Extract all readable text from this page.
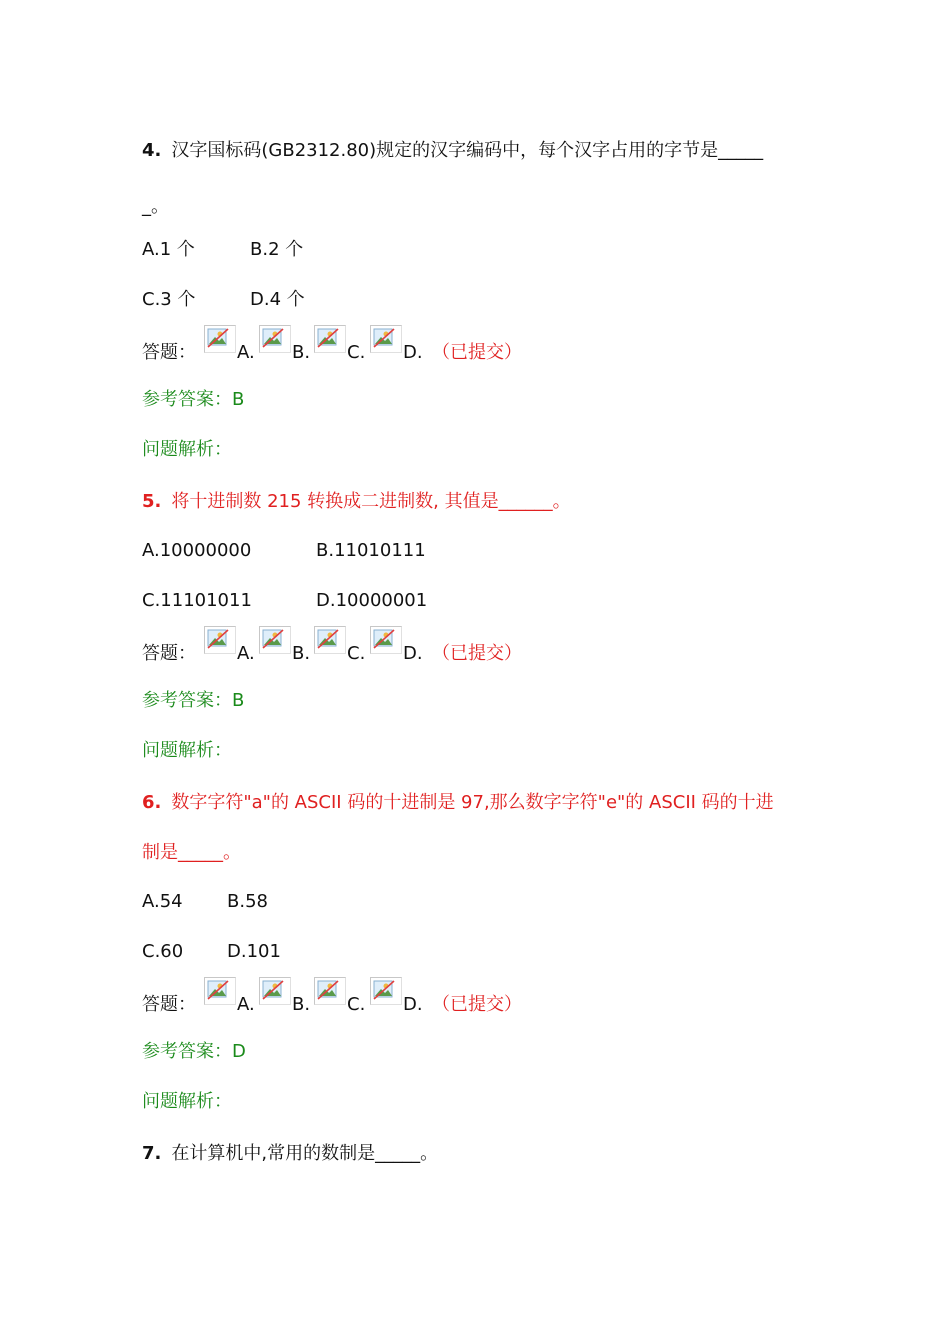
4. 汉字国标码(GB2312.80)规定的汉字编码中，每个汉字占用的字节是_____
_。
A.1 个	B.2 个
C.3 个	D.4 个
答题： A. B. C. D. （已提交）
参考答案：B
问题解析：
5. 将十进制数 215 转换成二进制数, 其值是______。
A.10000000	B.11010111
C.11101011	D.10000001
答题： A. B. C. D. （已提交）
参考答案：B
问题解析：
6. 数字字符"a"的 ASCII 码的十进制是 97,那么数字字符"e"的 ASCII 码的十进
制是_____。
A.54 B.58
C.60 D.101
答题： A. B. C. D. （已提交）
参考答案：D
问题解析：
7. 在计算机中,常用的数制是_____。
